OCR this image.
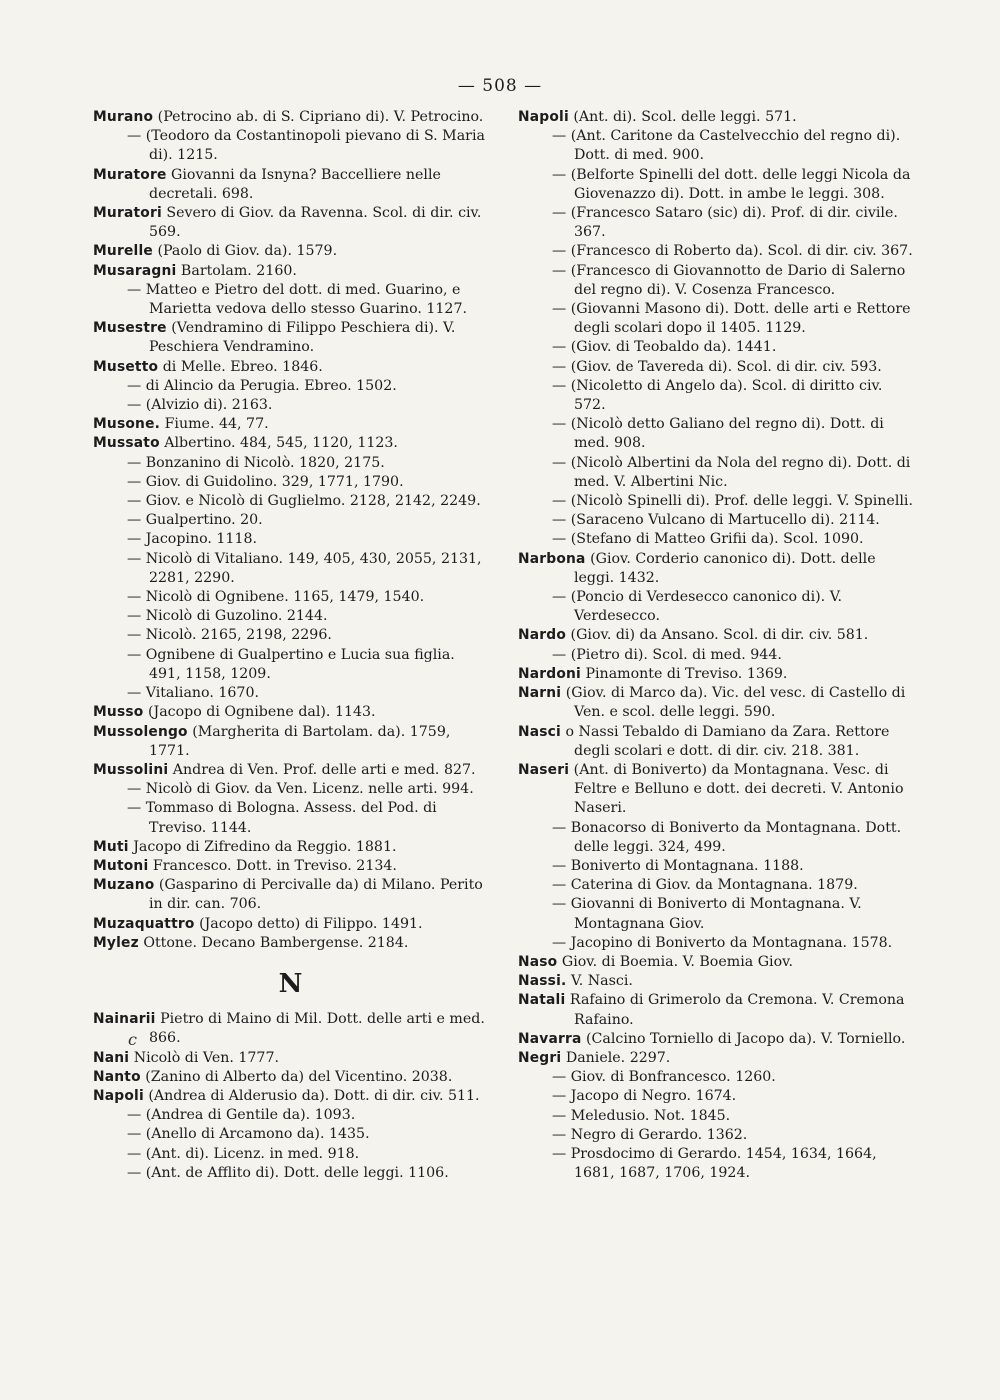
— 508 —
Murano (Petrocino ab. di S. Cipriano di). V. Petrocino.
— (Teodoro da Costantinopoli pievano di S. Maria di). 1215.
Muratore Giovanni da Isnyna? Baccelliere nelle decretali. 698.
Muratori Severo di Giov. da Ravenna. Scol. di dir. civ. 569.
Murelle (Paolo di Giov. da). 1579.
Musaragni Bartolam. 2160.
— Matteo e Pietro del dott. di med. Guarino, e Marietta vedova dello stesso Guarino. 1127.
Musestre (Vendramino di Filippo Peschiera di). V. Peschiera Vendramino.
Musetto di Melle. Ebreo. 1846.
— di Alincio da Perugia. Ebreo. 1502.
— (Alvizio di). 2163.
Musone. Fiume. 44, 77.
Mussato Albertino. 484, 545, 1120, 1123.
— Bonzanino di Nicolò. 1820, 2175.
— Giov. di Guidolino. 329, 1771, 1790.
— Giov. e Nicolò di Guglielmo. 2128, 2142, 2249.
— Gualpertino. 20.
— Jacopino. 1118.
— Nicolò di Vitaliano. 149, 405, 430, 2055, 2131, 2281, 2290.
— Nicolò di Ognibene. 1165, 1479, 1540.
— Nicolò di Guzolino. 2144.
— Nicolò. 2165, 2198, 2296.
— Ognibene di Gualpertino e Lucia sua figlia. 491, 1158, 1209.
— Vitaliano. 1670.
Musso (Jacopo di Ognibene dal). 1143.
Mussolengo (Margherita di Bartolam. da). 1759, 1771.
Mussolini Andrea di Ven. Prof. delle arti e med. 827.
— Nicolò di Giov. da Ven. Licenz. nelle arti. 994.
— Tommaso di Bologna. Assess. del Pod. di Treviso. 1144.
Muti Jacopo di Zifredino da Reggio. 1881.
Mutoni Francesco. Dott. in Treviso. 2134.
Muzano (Gasparino di Percivalle da) di Milano. Perito in dir. can. 706.
Muzaquattro (Jacopo detto) di Filippo. 1491.
Mylez Ottone. Decano Bambergense. 2184.
N
Nainarii Pietro di Maino di Mil. Dott. delle arti e med. 866.
Nani Nicolò di Ven. 1777.
Nanto (Zanino di Alberto da) del Vicentino. 2038.
Napoli (Andrea di Alderusio da). Dott. di dir. civ. 511.
— (Andrea di Gentile da). 1093.
— (Anello di Arcamono da). 1435.
— (Ant. di). Licenz. in med. 918.
— (Ant. de Afflito di). Dott. delle leggi. 1106.
Napoli (Ant. di). Scol. delle leggi. 571.
— (Ant. Caritone da Castelvecchio del regno di). Dott. di med. 900.
— (Belforte Spinelli del dott. delle leggi Nicola da Giovenazzo di). Dott. in ambe le leggi. 308.
— (Francesco Sataro (sic) di). Prof. di dir. civile. 367.
— (Francesco di Roberto da). Scol. di dir. civ. 367.
— (Francesco di Giovannotto de Dario di Salerno del regno di). V. Cosenza Francesco.
— (Giovanni Masono di). Dott. delle arti e Rettore degli scolari dopo il 1405. 1129.
— (Giov. di Teobaldo da). 1441.
— (Giov. de Tavereda di). Scol. di dir. civ. 593.
— (Nicoletto di Angelo da). Scol. di diritto civ. 572.
— (Nicolò detto Galiano del regno di). Dott. di med. 908.
— (Nicolò Albertini da Nola del regno di). Dott. di med. V. Albertini Nic.
— (Nicolò Spinelli di). Prof. delle leggi. V. Spinelli.
— (Saraceno Vulcano di Martucello di). 2114.
— (Stefano di Matteo Grifii da). Scol. 1090.
Narbona (Giov. Corderio canonico di). Dott. delle leggi. 1432.
— (Poncio di Verdesecco canonico di). V. Verdesecco.
Nardo (Giov. di) da Ansano. Scol. di dir. civ. 581.
— (Pietro di). Scol. di med. 944.
Nardoni Pinamonte di Treviso. 1369.
Narni (Giov. di Marco da). Vic. del vesc. di Castello di Ven. e scol. delle leggi. 590.
Nasci o Nassi Tebaldo di Damiano da Zara. Rettore degli scolari e dott. di dir. civ. 218. 381.
Naseri (Ant. di Boniverto) da Montagnana. Vesc. di Feltre e Belluno e dott. dei decreti. V. Antonio Naseri.
— Bonacorso di Boniverto da Montagnana. Dott. delle leggi. 324, 499.
— Boniverto di Montagnana. 1188.
— Caterina di Giov. da Montagnana. 1879.
— Giovanni di Boniverto di Montagnana. V. Montagnana Giov.
— Jacopino di Boniverto da Montagnana. 1578.
Naso Giov. di Boemia. V. Boemia Giov.
Nassi. V. Nasci.
Natali Rafaino di Grimerolo da Cremona. V. Cremona Rafaino.
Navarra (Calcino Torniello di Jacopo da). V. Torniello.
Negri Daniele. 2297.
— Giov. di Bonfrancesco. 1260.
— Jacopo di Negro. 1674.
— Meledusio. Not. 1845.
— Negro di Gerardo. 1362.
— Prosdocimo di Gerardo. 1454, 1634, 1664, 1681, 1687, 1706, 1924.
c
